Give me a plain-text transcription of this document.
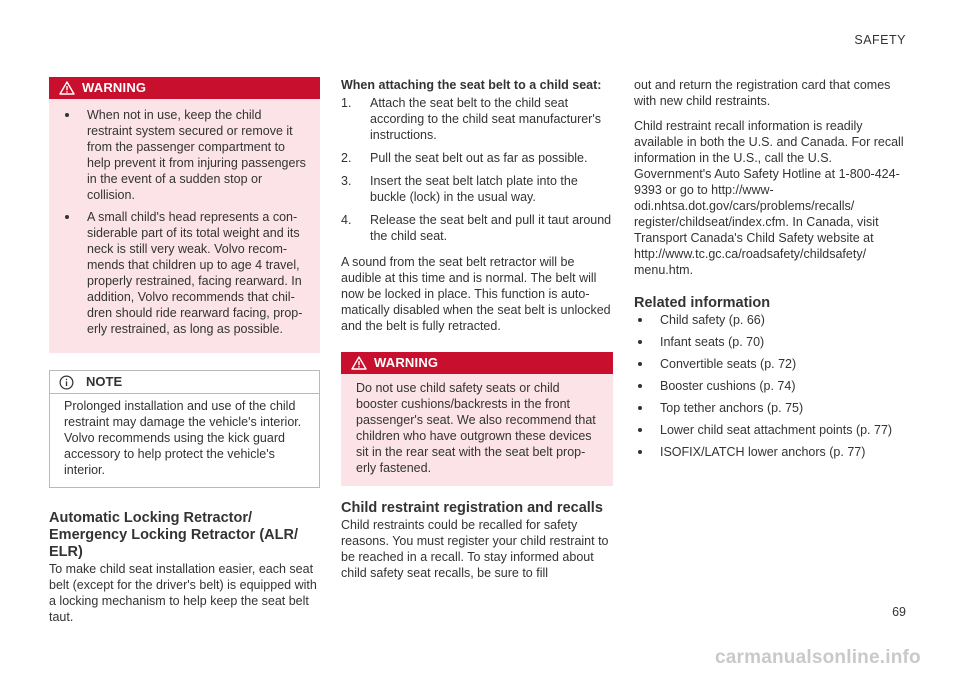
SAFETY
WARNING
When not in use, keep the child restraint system secured or remove it from the passenger compartment to help prevent it from injuring passengers in the event of a sudden stop or collision.
A small child's head represents a considerable part of its total weight and its neck is still very weak. Volvo recommends that children up to age 4 travel, properly restrained, facing rearward. In addition, Volvo recommends that children should ride rearward facing, properly restrained, as long as possible.
NOTE

Prolonged installation and use of the child restraint may damage the vehicle's interior. Volvo recommends using the kick guard accessory to help protect the vehicle's interior.

Automatic Locking Retractor/ Emergency Locking Retractor (ALR/ ELR)

To make child seat installation easier, each seat belt (except for the driver's belt) is equipped with a locking mechanism to help keep the seat belt taut.

When attaching the seat belt to a child seat:
1. Attach the seat belt to the child seat according to the child seat manufacturer's instructions.
2. Pull the seat belt out as far as possible.
3. Insert the seat belt latch plate into the buckle (lock) in the usual way.
4. Release the seat belt and pull it taut around the child seat.

A sound from the seat belt retractor will be audible at this time and is normal. The belt will now be locked in place. This function is automatically disabled when the seat belt is unlocked and the belt is fully retracted.

WARNING

Do not use child safety seats or child booster cushions/backrests in the front passenger's seat. We also recommend that children who have outgrown these devices sit in the rear seat with the seat belt properly fastened.

Child restraint registration and recalls

Child restraints could be recalled for safety reasons. You must register your child restraint to be reached in a recall. To stay informed about child safety seat recalls, be sure to fill

out and return the registration card that comes with new child restraints.

Child restraint recall information is readily available in both the U.S. and Canada. For recall information in the U.S., call the U.S. Government's Auto Safety Hotline at 1-800-424-9393 or go to http://www-odi.nhtsa.dot.gov/cars/problems/recalls/ register/childseat/index.cfm. In Canada, visit Transport Canada's Child Safety website at http://www.tc.gc.ca/roadsafety/childsafety/ menu.htm.

Related information
Child safety (p. 66)
Infant seats (p. 70)
Convertible seats (p. 72)
Booster cushions (p. 74)
Top tether anchors (p. 75)
Lower child seat attachment points (p. 77)
ISOFIX/LATCH lower anchors (p. 77)
69
carmanualsonline.info
